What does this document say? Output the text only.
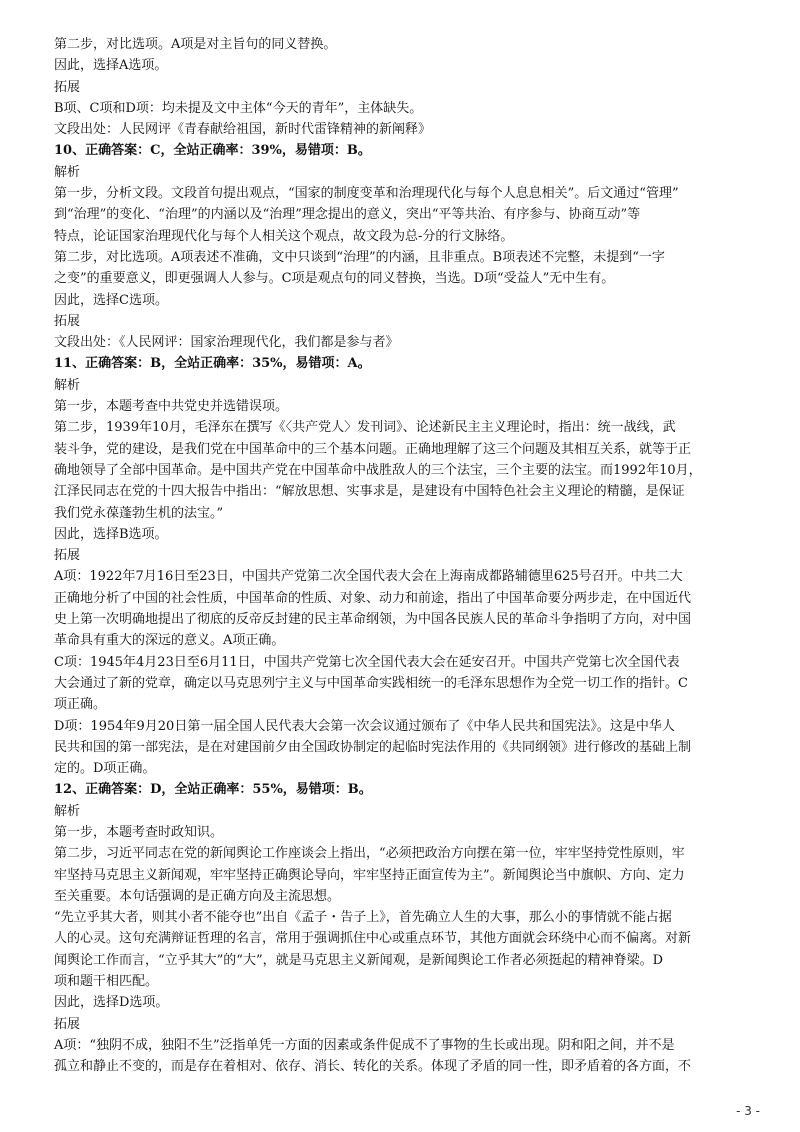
第二步，对比选项。A项是对主旨句的同义替换。
因此，选择A选项。
拓展
B项、C项和D项：均未提及文中主体“今天的青年”，主体缺失。
文段出处：人民网评《青春献给祖国，新时代雷锋精神的新阐释》
10、正确答案：C，全站正确率：39%，易错项：B。
解析
第一步，分析文段。文段首句提出观点，“国家的制度变革和治理现代化与每个人息息相关”。后文通过“管理”
到“治理”的变化、“治理”的内涵以及“治理”理念提出的意义，突出“平等共治、有序参与、协商互动”等
特点，论证国家治理现代化与每个人相关这个观点，故文段为总-分的行文脉络。
第二步，对比选项。A项表述不准确，文中只谈到“治理”的内涵，且非重点。B项表述不完整，未提到“一字
之变”的重要意义，即更强调人人参与。C项是观点句的同义替换，当选。D项“受益人”无中生有。
因此，选择C选项。
拓展
文段出处：《人民网评：国家治理现代化，我们都是参与者》
11、正确答案：B，全站正确率：35%，易错项：A。
解析
第一步，本题考查中共党史并选错误项。
第二步，1939年10月，毛泽东在撰写《〈共产党人〉发刊词》、论述新民主主义理论时，指出：统一战线，武
装斗争，党的建设，是我们党在中国革命中的三个基本问题。正确地理解了这三个问题及其相互关系，就等于正
确地领导了全部中国革命。是中国共产党在中国革命中战胜敌人的三个法宝，三个主要的法宝。而1992年10月，
江泽民同志在党的十四大报告中指出：“解放思想、实事求是，是建设有中国特色社会主义理论的精髓，是保证
我们党永葆蓬勃生机的法宝。”
因此，选择B选项。
拓展
A项：1922年7月16日至23日，中国共产党第二次全国代表大会在上海南成都路辅德里625号召开。中共二大
正确地分析了中国的社会性质，中国革命的性质、对象、动力和前途，指出了中国革命要分两步走，在中国近代
史上第一次明确地提出了彻底的反帝反封建的民主革命纲领，为中国各民族人民的革命斗争指明了方向，对中国
革命具有重大的深远的意义。A项正确。
C项：1945年4月23日至6月11日，中国共产党第七次全国代表大会在延安召开。中国共产党第七次全国代表
大会通过了新的党章，确定以马克思列宁主义与中国革命实践相统一的毛泽东思想作为全党一切工作的指针。C
项正确。
D项：1954年9月20日第一届全国人民代表大会第一次会议通过颁布了《中华人民共和国宪法》。这是中华人
民共和国的第一部宪法，是在对建国前夕由全国政协制定的起临时宪法作用的《共同纲领》进行修改的基础上制
定的。D项正确。
12、正确答案：D，全站正确率：55%，易错项：B。
解析
第一步，本题考查时政知识。
第二步，习近平同志在党的新闻舆论工作座谈会上指出，“必须把政治方向摆在第一位，牢牢坚持党性原则，牢
牢坚持马克思主义新闻观，牢牢坚持正确舆论导向，牢牢坚持正面宣传为主”。新闻舆论当中旗帜、方向、定力
至关重要。本句话强调的是正确方向及主流思想。
“先立乎其大者，则其小者不能夺也”出自《孟子・告子上》，首先确立人生的大事，那么小的事情就不能占据
人的心灵。这句充满辩证哲理的名言，常用于强调抓住中心或重点环节，其他方面就会环绕中心而不偏离。对新
闻舆论工作而言，“立乎其大”的“大”，就是马克思主义新闻观，是新闻舆论工作者必须挺起的精神脊梁。D
项和题干相匹配。
因此，选择D选项。
拓展
A项：“独阴不成，独阳不生”泛指单凭一方面的因素或条件促成不了事物的生长或出现。阴和阳之间，并不是
孤立和静止不变的，而是存在着相对、依存、消长、转化的关系。体现了矛盾的同一性，即矛盾着的各方面，不
- 3 -
